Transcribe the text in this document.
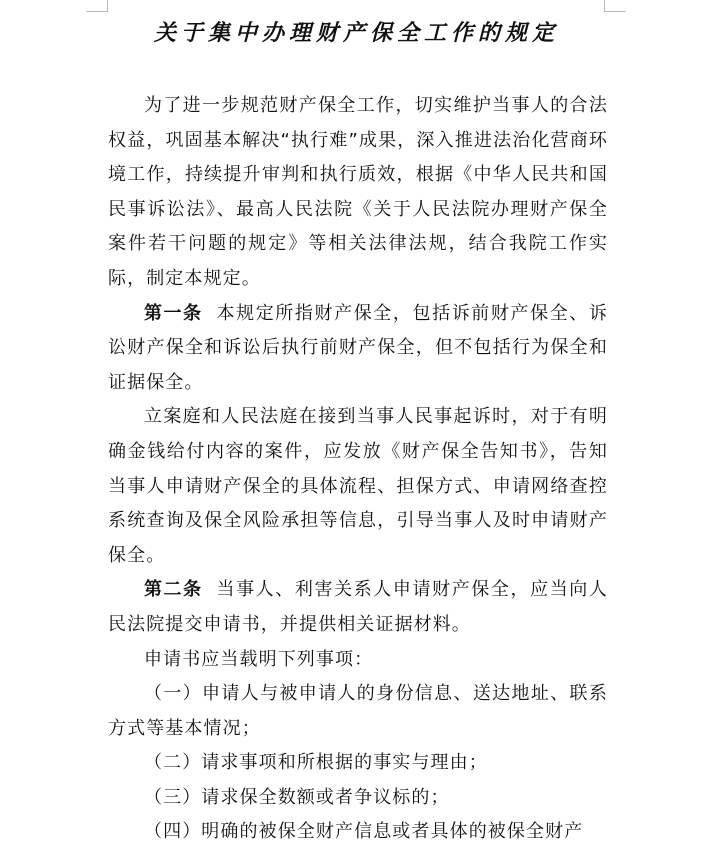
关于集中办理财产保全工作的规定

为了进一步规范财产保全工作，切实维护当事人的合法权益，巩固基本解决“执行难”成果，深入推进法治化营商环境工作，持续提升审判和执行质效，根据《中华人民共和国民事诉讼法》、最高人民法院《关于人民法院办理财产保全案件若干问题的规定》等相关法律法规，结合我院工作实际，制定本规定。

第一条 本规定所指财产保全，包括诉前财产保全、诉讼财产保全和诉讼后执行前财产保全，但不包括行为保全和证据保全。

立案庭和人民法庭在接到当事人民事起诉时，对于有明确金钱给付内容的案件，应发放《财产保全告知书》，告知当事人申请财产保全的具体流程、担保方式、申请网络查控系统查询及保全风险承担等信息，引导当事人及时申请财产保全。

第二条 当事人、利害关系人申请财产保全，应当向人民法院提交申请书，并提供相关证据材料。

申请书应当载明下列事项：

（一）申请人与被申请人的身份信息、送达地址、联系方式等基本情况；

（二）请求事项和所根据的事实与理由；

（三）请求保全数额或者争议标的；

（四）明确的被保全财产信息或者具体的被保全财产
